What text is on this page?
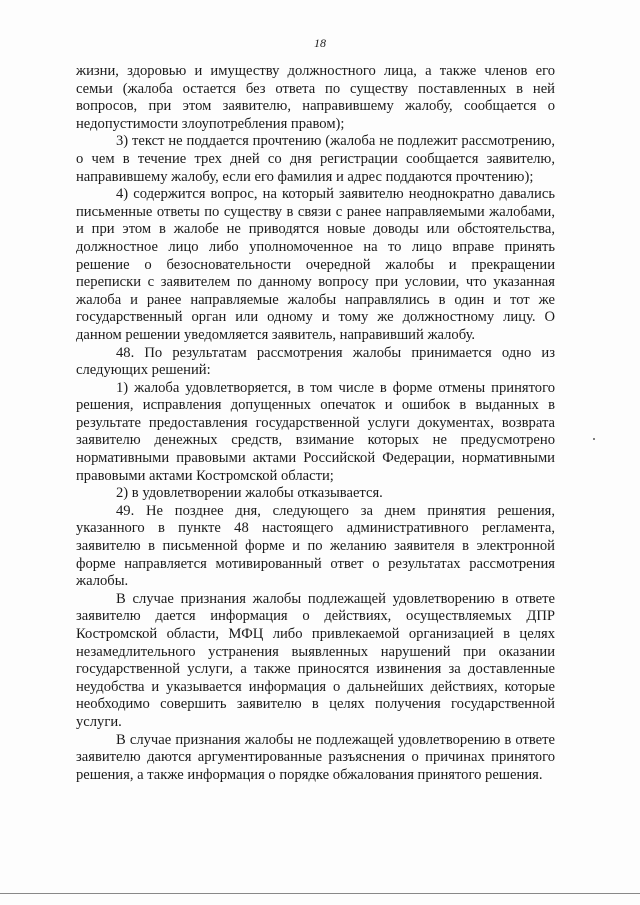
18

жизни, здоровью и имуществу должностного лица, а также членов его семьи (жалоба остается без ответа по существу поставленных в ней вопросов, при этом заявителю, направившему жалобу, сообщается о недопустимости злоупотребления правом);

3) текст не поддается прочтению (жалоба не подлежит рассмотрению, о чем в течение трех дней со дня регистрации сообщается заявителю, направившему жалобу, если его фамилия и адрес поддаются прочтению);

4) содержится вопрос, на который заявителю неоднократно давались письменные ответы по существу в связи с ранее направляемыми жалобами, и при этом в жалобе не приводятся новые доводы или обстоятельства, должностное лицо либо уполномоченное на то лицо вправе принять решение о безосновательности очередной жалобы и прекращении переписки с заявителем по данному вопросу при условии, что указанная жалоба и ранее направляемые жалобы направлялись в один и тот же государственный орган или одному и тому же должностному лицу. О данном решении уведомляется заявитель, направивший жалобу.

48. По результатам рассмотрения жалобы принимается одно из следующих решений:

1) жалоба удовлетворяется, в том числе в форме отмены принятого решения, исправления допущенных опечаток и ошибок в выданных в результате предоставления государственной услуги документах, возврата заявителю денежных средств, взимание которых не предусмотрено нормативными правовыми актами Российской Федерации, нормативными правовыми актами Костромской области;

2) в удовлетворении жалобы отказывается.

49. Не позднее дня, следующего за днем принятия решения, указанного в пункте 48 настоящего административного регламента, заявителю в письменной форме и по желанию заявителя в электронной форме направляется мотивированный ответ о результатах рассмотрения жалобы.

В случае признания жалобы подлежащей удовлетворению в ответе заявителю дается информация о действиях, осуществляемых ДПР Костромской области, МФЦ либо привлекаемой организацией в целях незамедлительного устранения выявленных нарушений при оказании государственной услуги, а также приносятся извинения за доставленные неудобства и указывается информация о дальнейших действиях, которые необходимо совершить заявителю в целях получения государственной услуги.

В случае признания жалобы не подлежащей удовлетворению в ответе заявителю даются аргументированные разъяснения о причинах принятого решения, а также информация о порядке обжалования принятого решения.
